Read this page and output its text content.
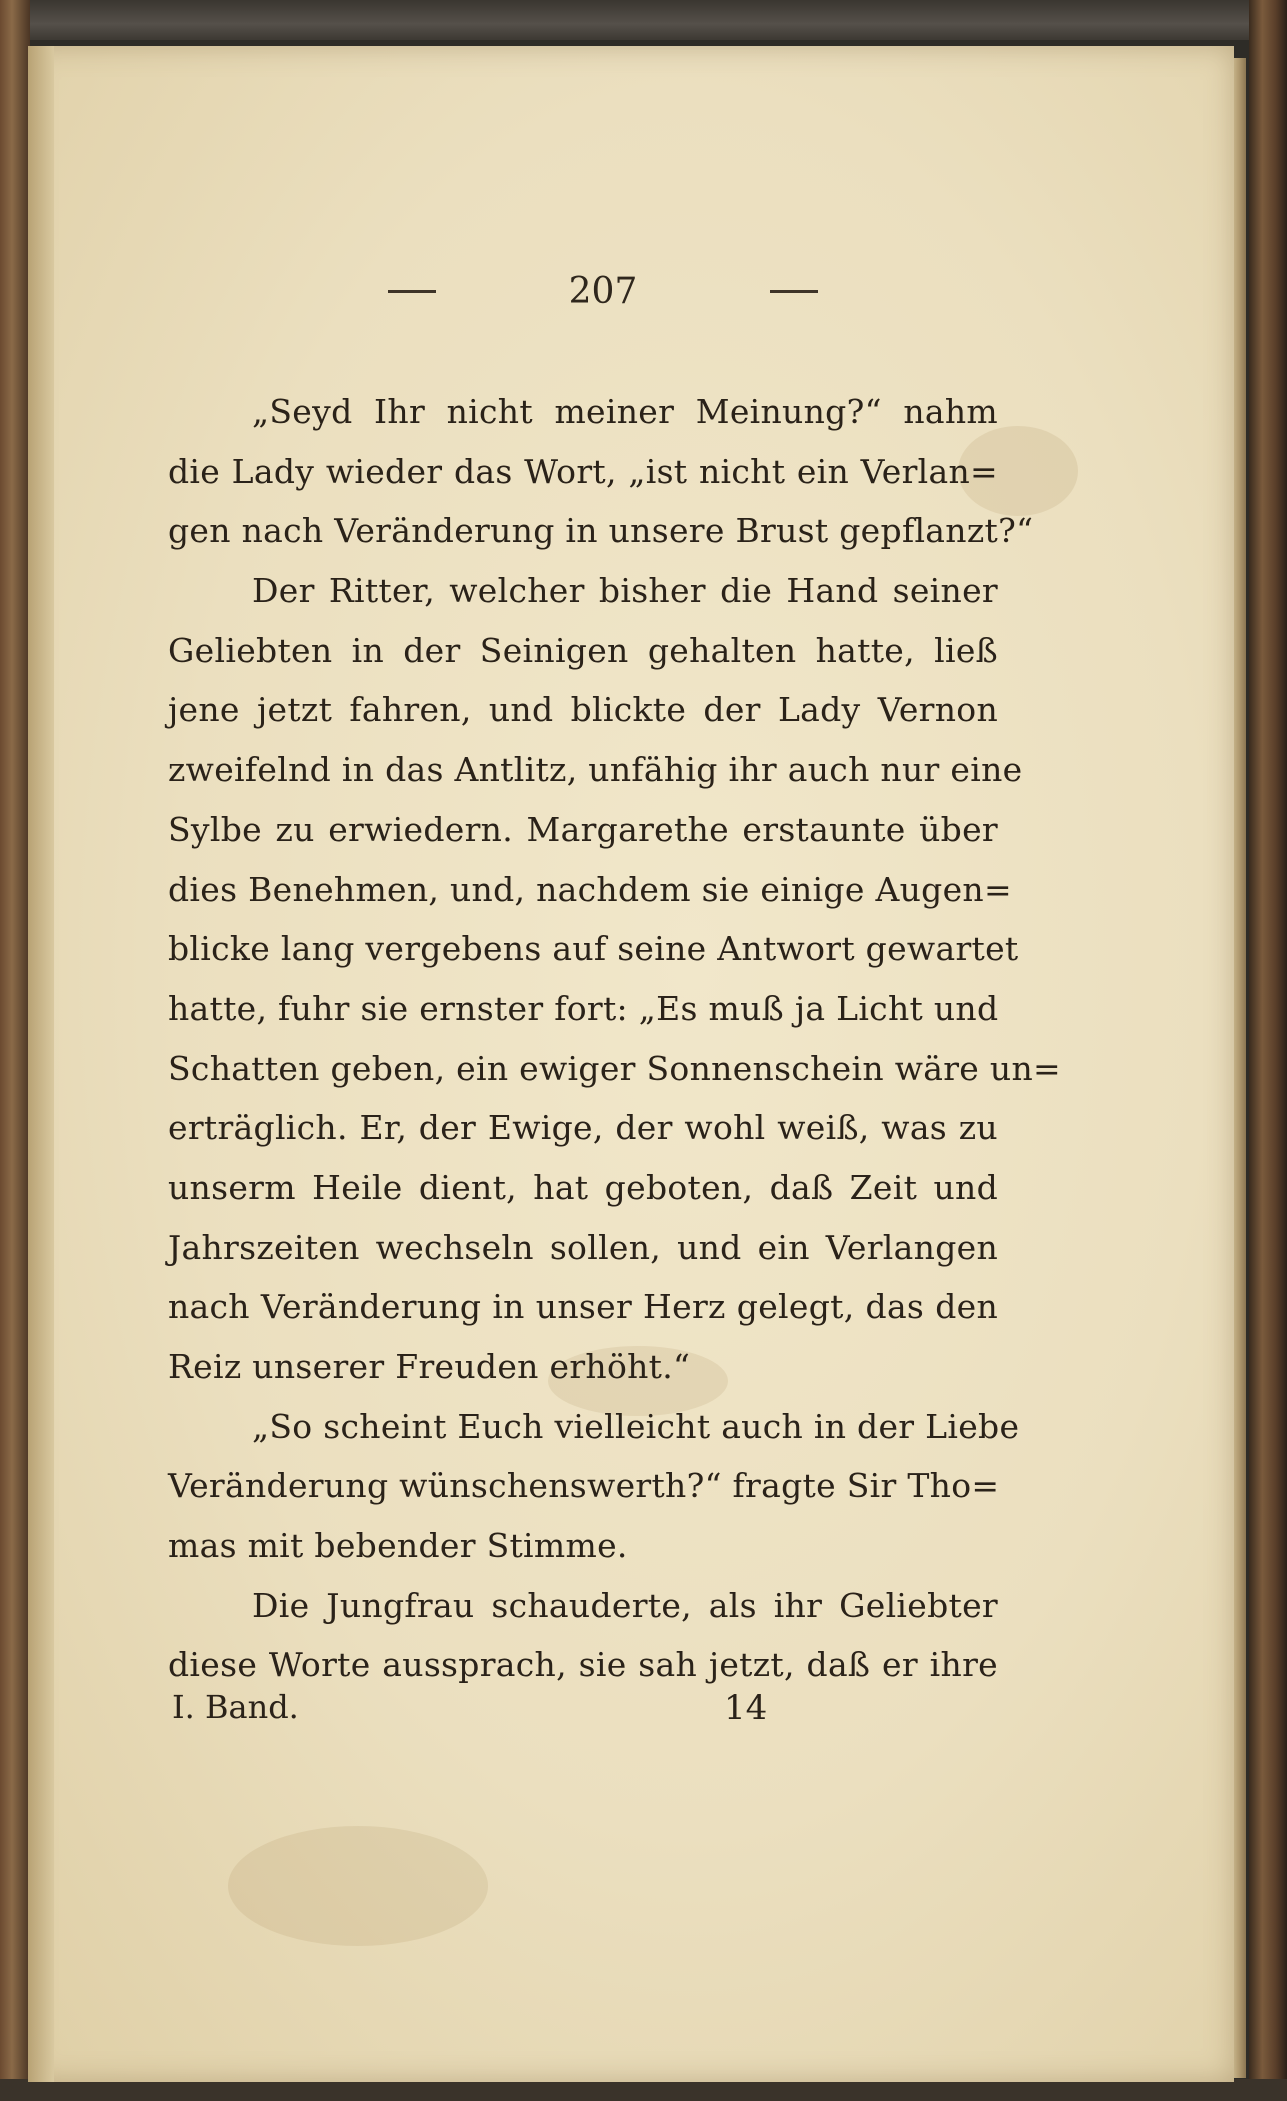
207
„Seyd Ihr nicht meiner Meinung?“ nahm
die Lady wieder das Wort, „ist nicht ein Verlan=
gen nach Veränderung in unsere Brust gepflanzt?“
Der Ritter, welcher bisher die Hand seiner
Geliebten in der Seinigen gehalten hatte, ließ
jene jetzt fahren, und blickte der Lady Vernon
zweifelnd in das Antlitz, unfähig ihr auch nur eine
Sylbe zu erwiedern. Margarethe erstaunte über
dies Benehmen, und, nachdem sie einige Augen=
blicke lang vergebens auf seine Antwort gewartet
hatte, fuhr sie ernster fort: „Es muß ja Licht und
Schatten geben, ein ewiger Sonnenschein wäre un=
erträglich. Er, der Ewige, der wohl weiß, was zu
unserm Heile dient, hat geboten, daß Zeit und
Jahrszeiten wechseln sollen, und ein Verlangen
nach Veränderung in unser Herz gelegt, das den
Reiz unserer Freuden erhöht.“
„So scheint Euch vielleicht auch in der Liebe
Veränderung wünschenswerth?“ fragte Sir Tho=
mas mit bebender Stimme.
Die Jungfrau schauderte, als ihr Geliebter
diese Worte aussprach, sie sah jetzt, daß er ihre
I. Band.	14
